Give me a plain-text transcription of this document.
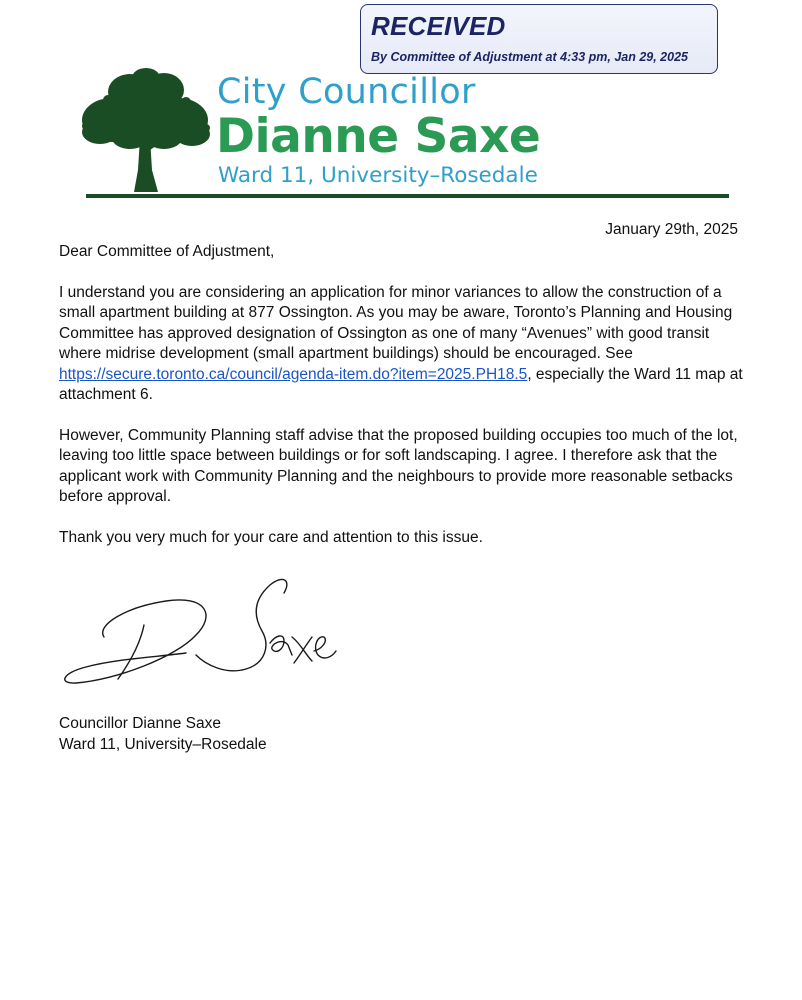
RECEIVED
By Committee of Adjustment at 4:33 pm, Jan 29, 2025
City Councillor
Dianne Saxe
Ward 11, University–Rosedale
January 29th, 2025

Dear Committee of Adjustment,

I understand you are considering an application for minor variances to allow the construction of a small apartment building at 877 Ossington. As you may be aware, Toronto’s Planning and Housing Committee has approved designation of Ossington as one of many “Avenues” with good transit where midrise development (small apartment buildings) should be encouraged. See https://secure.toronto.ca/council/agenda-item.do?item=2025.PH18.5, especially the Ward 11 map at attachment 6.

However, Community Planning staff advise that the proposed building occupies too much of the lot, leaving too little space between buildings or for soft landscaping. I agree. I therefore ask that the applicant work with Community Planning and the neighbours to provide more reasonable setbacks before approval.

Thank you very much for your care and attention to this issue.

Councillor Dianne Saxe
Ward 11, University–Rosedale
